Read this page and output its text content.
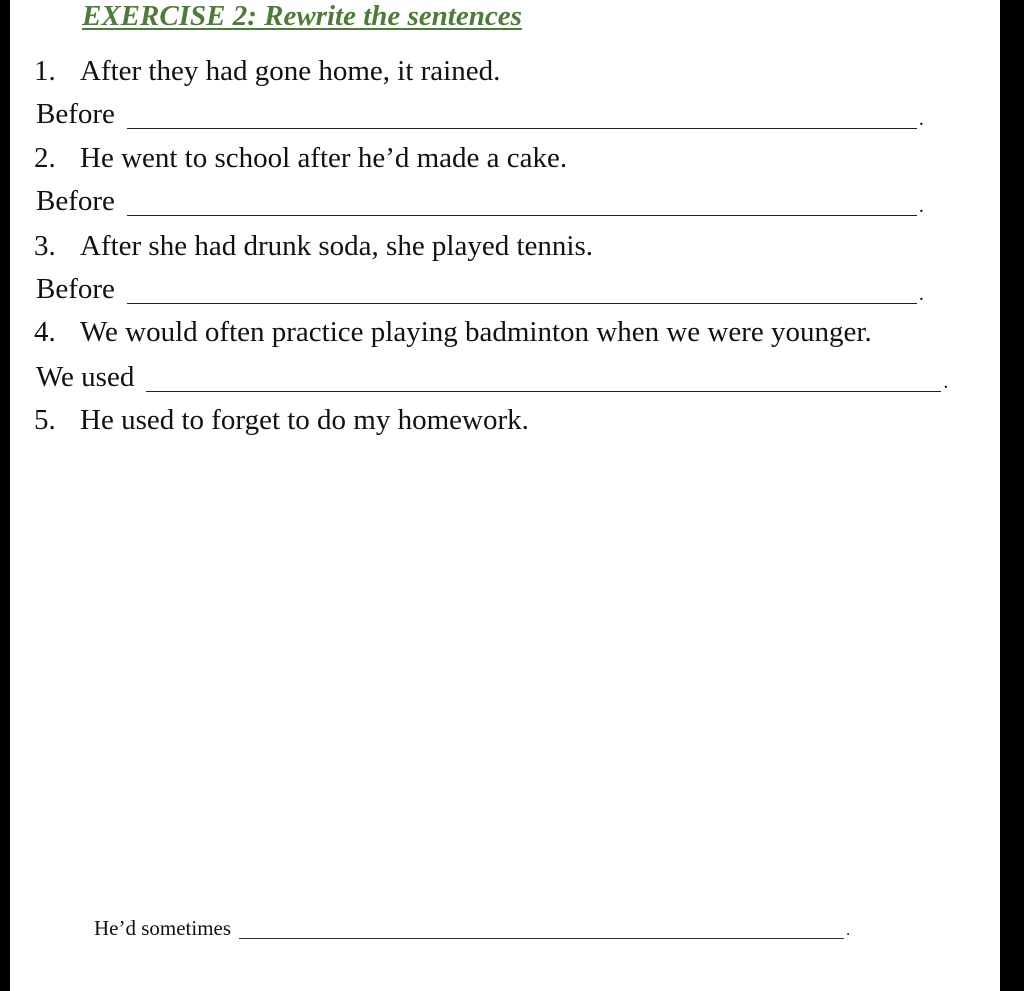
EXERCISE 2: Rewrite the sentences
1. After they had gone home, it rained.
Before	.
2. He went to school after he’d made a cake.
Before	.
3. After she had drunk soda, she played tennis.
Before	.
4. We would often practice playing badminton when we were younger.
We used	.
5. He used to forget to do my homework.
He’d sometimes	.
